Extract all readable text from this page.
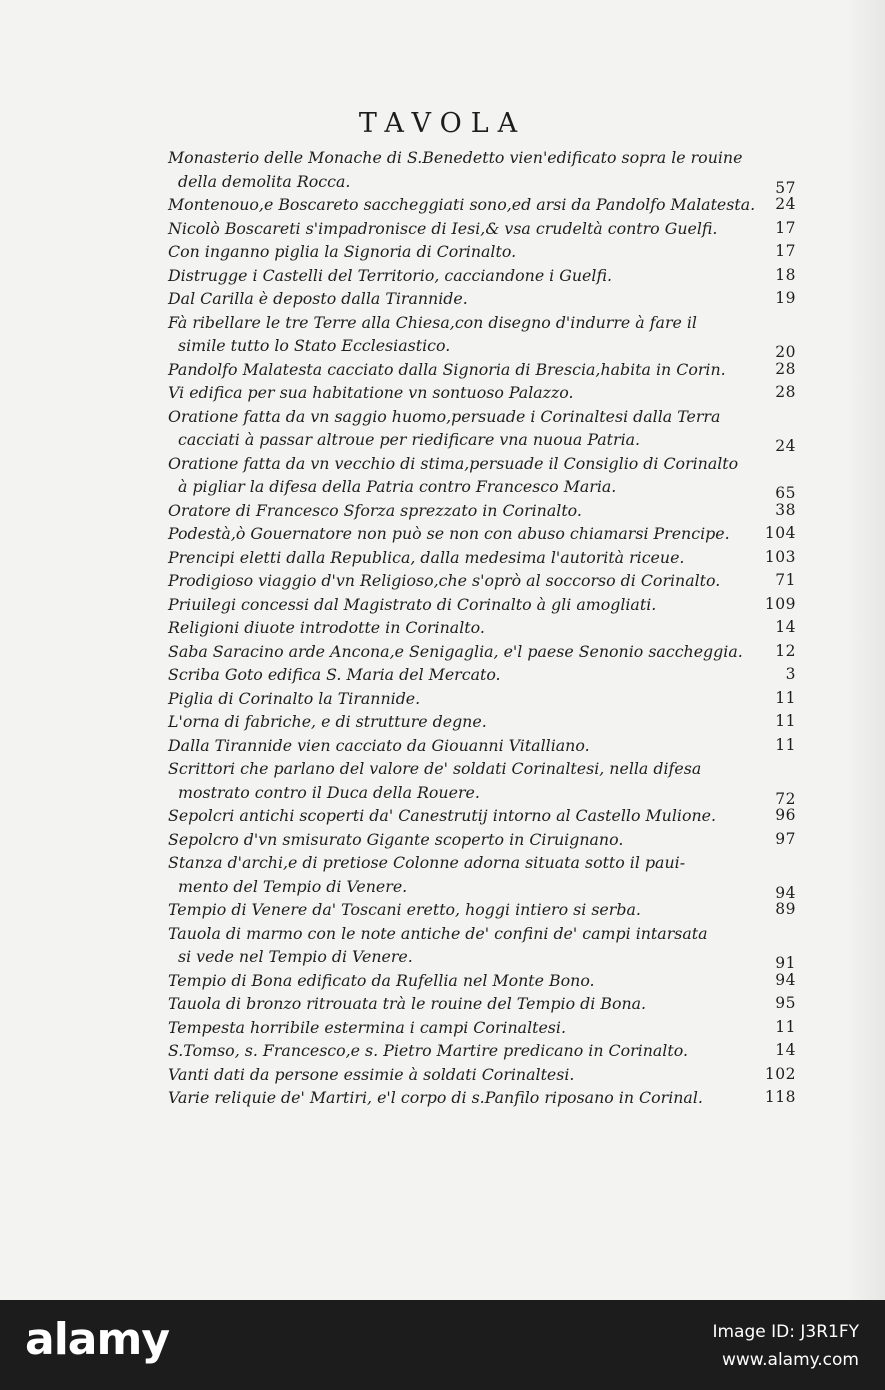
TAVOLA
Monasterio delle Monache di S.Benedetto vien'edificato sopra le rouine
della demolita Rocca.	57
Montenouo,e Boscareto saccheggiati sono,ed arsi da Pandolfo Malatesta.	24
Nicolò Boscareti s'impadronisce di Iesi,& vsa crudeltà contro Guelfi.	17
Con inganno piglia la Signoria di Corinalto.	17
Distrugge i Castelli del Territorio, cacciandone i Guelfi.	18
Dal Carilla è deposto dalla Tirannide.	19
Fà ribellare le tre Terre alla Chiesa,con disegno d'indurre à fare il
simile tutto lo Stato Ecclesiastico.	20
Pandolfo Malatesta cacciato dalla Signoria di Brescia,habita in Corin.	28
Vi edifica per sua habitatione vn sontuoso Palazzo.	28
Oratione fatta da vn saggio huomo,persuade i Corinaltesi dalla Terra
cacciati à passar altroue per riedificare vna nuoua Patria.	24
Oratione fatta da vn vecchio di stima,persuade il Consiglio di Corinalto
à pigliar la difesa della Patria contro Francesco Maria.	65
Oratore di Francesco Sforza sprezzato in Corinalto.	38
Podestà,ò Gouernatore non può se non con abuso chiamarsi Prencipe.	104
Prencipi eletti dalla Republica, dalla medesima l'autorità riceue.	103
Prodigioso viaggio d'vn Religioso,che s'oprò al soccorso di Corinalto.	71
Priuilegi concessi dal Magistrato di Corinalto à gli amogliati.	109
Religioni diuote introdotte in Corinalto.	14
Saba Saracino arde Ancona,e Senigaglia, e'l paese Senonio saccheggia.	12
Scriba Goto edifica S. Maria del Mercato.	3
Piglia di Corinalto la Tirannide.	11
L'orna di fabriche, e di strutture degne.	11
Dalla Tirannide vien cacciato da Giouanni Vitalliano.	11
Scrittori che parlano del valore de' soldati Corinaltesi, nella difesa
mostrato contro il Duca della Rouere.	72
Sepolcri antichi scoperti da' Canestrutij intorno al Castello Mulione.	96
Sepolcro d'vn smisurato Gigante scoperto in Ciruignano.	97
Stanza d'archi,e di pretiose Colonne adorna situata sotto il paui-
mento del Tempio di Venere.	94
Tempio di Venere da' Toscani eretto, hoggi intiero si serba.	89
Tauola di marmo con le note antiche de' confini de' campi intarsata
si vede nel Tempio di Venere.	91
Tempio di Bona edificato da Rufellia nel Monte Bono.	94
Tauola di bronzo ritrouata trà le rouine del Tempio di Bona.	95
Tempesta horribile estermina i campi Corinaltesi.	11
S.Tomso, s. Francesco,e s. Pietro Martire predicano in Corinalto.	14
Vanti dati da persone essimie à soldati Corinaltesi.	102
Varie reliquie de' Martiri, e'l corpo di s.Panfilo riposano in Corinal.	118
alamy	Image ID: J3R1FY
www.alamy.com
